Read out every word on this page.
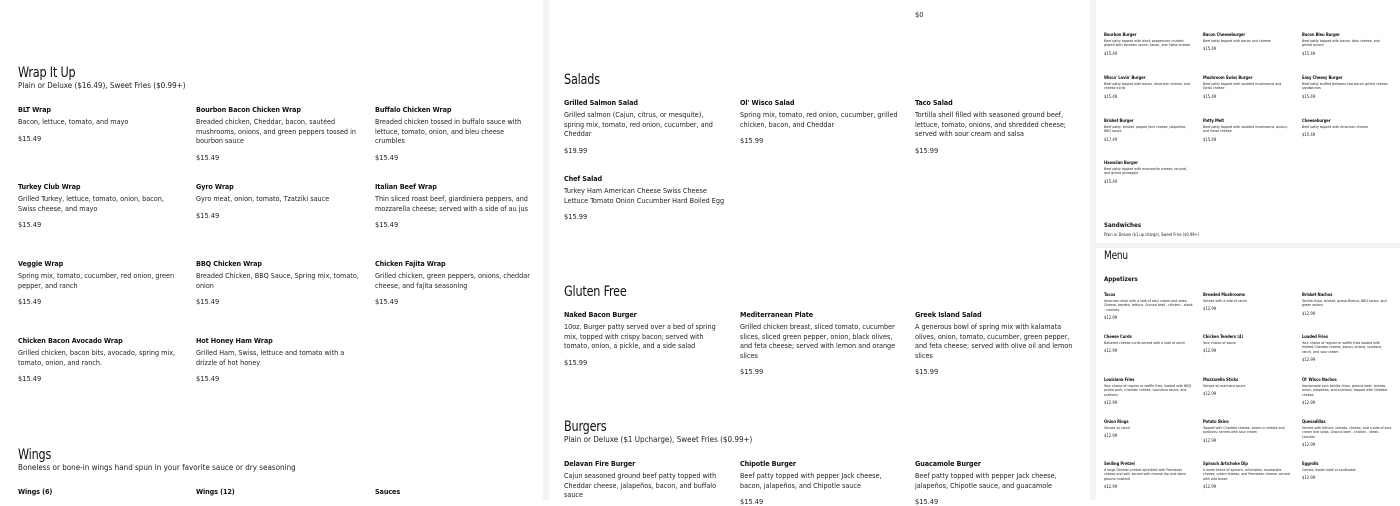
Wrap It Up
Plain or Deluxe ($16.49), Sweet Fries ($0.99+)
BLT Wrap
Bacon, lettuce, tomato, and mayo
$15.49
Bourbon Bacon Chicken Wrap
Breaded chicken, Cheddar, bacon, sautéed mushrooms, onions, and green peppers tossed in bourbon sauce
$15.49
Buffalo Chicken Wrap
Breaded chicken tossed in buffalo sauce with lettuce, tomato, onion, and bleu cheese crumbles
$15.49
Turkey Club Wrap
Grilled Turkey, lettuce, tomato, onion, bacon, Swiss cheese, and mayo
$15.49
Gyro Wrap
Gyro meat, onion, tomato, Tzatziki sauce
$15.49
Italian Beef Wrap
Thin sliced roast beef, giardiniera peppers, and mozzarella cheese; served with a side of au jus
$15.49
Veggie Wrap
Spring mix, tomato, cucumber, red onion, green pepper, and ranch
$15.49
BBQ Chicken Wrap
Breaded Chicken, BBQ Sauce, Spring mix, tomato, onion
$15.49
Chicken Fajita Wrap
Grilled chicken, green peppers, onions, cheddar cheese, and fajita seasoning
$15.49
Chicken Bacon Avocado Wrap
Grilled chicken, bacon bits, avocado, spring mix, tomato, onion, and ranch.
$15.49
Hot Honey Ham Wrap
Grilled Ham, Swiss, lettuce and tomato with a drizzle of hot honey
$15.49
Wings
Boneless or bone-in wings hand spun in your favorite sauce or dry seasoning
Wings (6)	Wings (12)	Sauces
$0
Salads
Grilled Salmon Salad
Grilled salmon (Cajun, citrus, or mesquite), spring mix, tomato, red onion, cucumber, and Cheddar
$19.99
Ol' Wisco Salad
Spring mix, tomato, red onion, cucumber, grilled chicken, bacon, and Cheddar
$15.99
Taco Salad
Tortilla shell filled with seasoned ground beef, lettuce, tomato, onions, and shredded cheese; served with sour cream and salsa
$15.99
Chef Salad
Turkey Ham American Cheese Swiss Cheese Lettuce Tomato Onion Cucumber Hard Boiled Egg
$15.99
Gluten Free
Naked Bacon Burger
10oz. Burger patty served over a bed of spring mix, topped with crispy bacon; served with tomato, onion, a pickle, and a side salad
$15.99
Mediterranean Plate
Grilled chicken breast, sliced tomato, cucumber slices, sliced green pepper, onion, black olives, and feta cheese; served with lemon and orange slices
$15.99
Greek Island Salad
A generous bowl of spring mix with kalamata olives, onion, tomato, cucumber, green pepper, and feta cheese; served with olive oil and lemon slices
$15.99
Burgers
Plain or Deluxe ($1 Upcharge), Sweet Fries ($0.99+)
Delavan Fire Burger
Cajun seasoned ground beef patty topped with Cheddar cheese, jalapeños, bacon, and buffalo sauce
Chipotle Burger
Beef patty topped with pepper Jack cheese, bacon, jalapeños, and Chipotle sauce
$15.49
Guacamole Burger
Beef patty topped with pepper Jack cheese, jalapeños, Chipotle sauce, and guacamole
$15.49
Bourbon Burger
Beef patty topped with black peppercorn crusted, glazed with bourbon sauce, bacon, and Swiss cheese
$15.49
Bacon Cheeseburger
Beef patty topped with bacon and cheese
$15.49
Bacon Bleu Burger
Beef patty topped with bacon, bleu cheese, and grilled onions
$15.49
Wisco' Lovin' Burger
Beef patty topped with bacon, American cheese, and cheese curds
$15.49
Mushroom Swiss Burger
Beef patty topped with sautéed mushrooms and Swiss cheese
$15.49
Easy Cheesy Burger
Beef patty stuffed between two bacon grilled cheese sandwiches
$15.49
Brisket Burger
Beef patty, brisket, pepper Jack cheese, jalapeños, BBQ sauce
$17.49
Patty Melt
Beef patty topped with sautéed mushrooms, onions, and Swiss cheese
$15.49
Cheeseburger
Beef patty topped with American cheese
$15.49
Hawaiian Burger
Beef patty topped with mozzarella cheese, teriyaki, and grilled pineapple
$15.49
Sandwiches
Plain or Deluxe ($1 up charge), Sweet Fries ($0.99+)
Menu
Appetizers
Tacos
American style with a side of sour cream and salsa. Cheese, tomato, lettuce. Ground beef - chicken - steak - carnitas
$12.99
Breaded Mushrooms
Served with a side of ranch
$12.99
Brisket Nachos
Tortilla chips, brisket, queso Blanco, BBQ sauce, and green onions
$12.99
Cheese Curds
Battered cheese curds served with a side of ranch
$12.99
Chicken Tenders (4)
Your choice of sauce
$12.99
Loaded Fries
Your choice of regular or waffle fries loaded with melted Cheddar cheese, bacon, onions, scallions, ranch, and sour cream
$12.99
Louisiana Fries
Your choice of regular or waffle fries, loaded with BBQ pulled pork, Cheddar cheese, Louisiana sauce, and scallions
$12.99
Mozzarella Sticks
Served w/ marinara sauce
$12.99
Ol' Wisco Nachos
Homemade corn tortilla chips, ground beef, tomato, onion, jalapeños, and scallions; topped with Cheddar cheese
$12.99
Onion Rings
Served w/ ranch
$12.99
Potato Skins
Topped with Cheddar cheese, bacon crumbles and scallions; served with sour cream
$12.99
Quesadillas
Served with lettuce, tomato, cheese, and a side of sour cream and salsa. Ground beef - chicken - steak - carnitas
$12.99
Smiling Pretzel
A large German pretzel sprinkled with Parmesan cheese and salt; served with cheese dip and stone ground mustard
$12.99
Spinach Artichoke Dip
A warm blend of spinach, artichokes, mozzarella cheese, cream cheese, and Parmesan cheese; served with pita bread
$12.99
Eggrolls
Combo, Italian beef or southwest
$12.99
